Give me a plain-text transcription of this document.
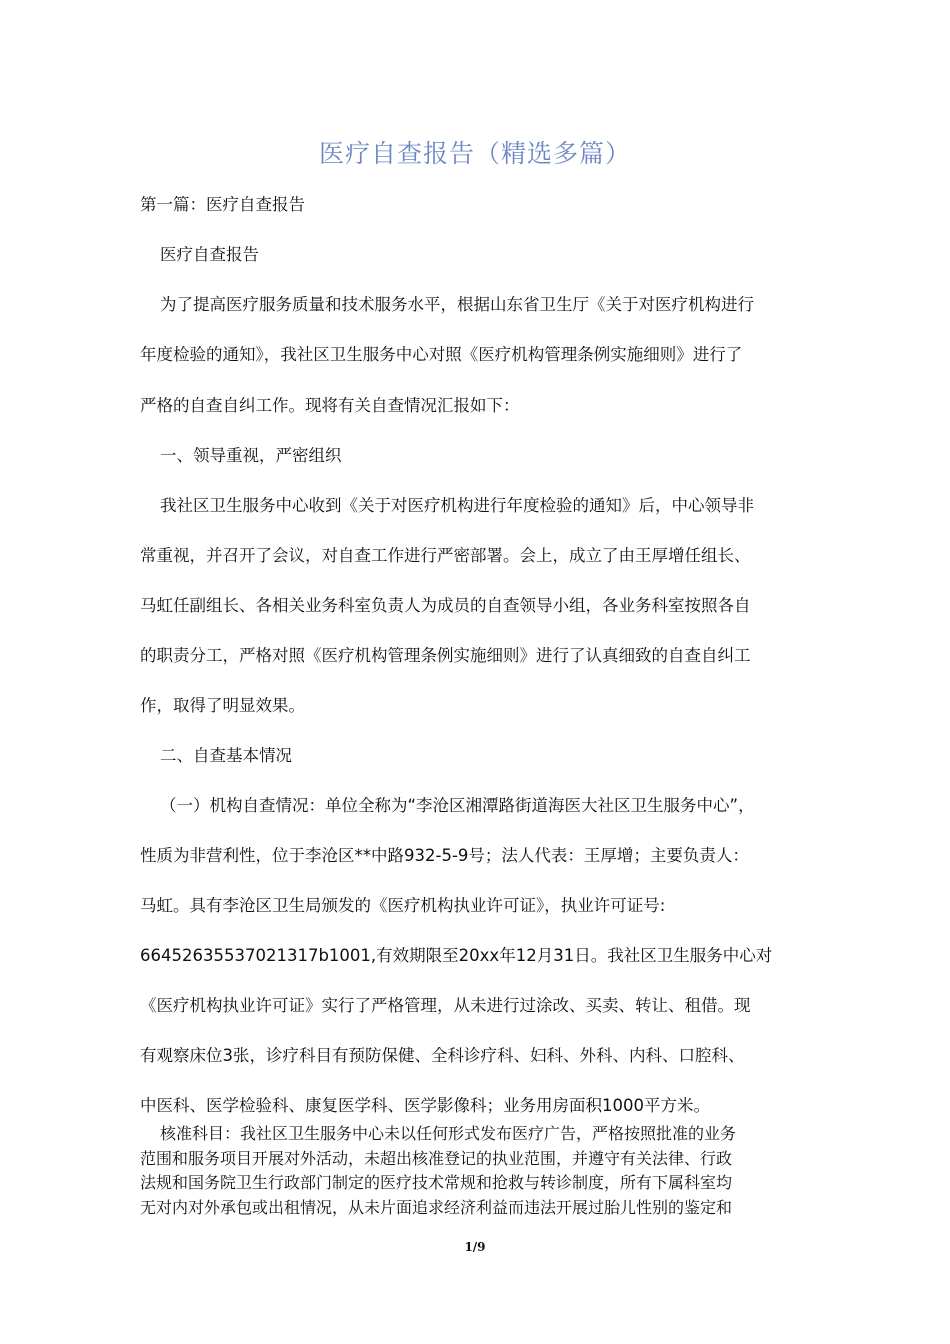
医疗自查报告（精选多篇）
第一篇：医疗自查报告
医疗自查报告
为了提高医疗服务质量和技术服务水平，根据山东省卫生厅《关于对医疗机构进行
年度检验的通知》，我社区卫生服务中心对照《医疗机构管理条例实施细则》进行了
严格的自查自纠工作。现将有关自查情况汇报如下：
一、领导重视，严密组织
我社区卫生服务中心收到《关于对医疗机构进行年度检验的通知》后，中心领导非
常重视，并召开了会议，对自查工作进行严密部署。会上，成立了由王厚增任组长、
马虹任副组长、各相关业务科室负责人为成员的自查领导小组，各业务科室按照各自
的职责分工，严格对照《医疗机构管理条例实施细则》进行了认真细致的自查自纠工
作，取得了明显效果。
二、自查基本情况
（一）机构自查情况：单位全称为“李沧区湘潭路街道海医大社区卫生服务中心”，
性质为非营利性，位于李沧区**中路932-5-9号；法人代表：王厚增；主要负责人：
马虹。具有李沧区卫生局颁发的《医疗机构执业许可证》，执业许可证号:
66452635537021317b1001,有效期限至20xx年12月31日。我社区卫生服务中心对
《医疗机构执业许可证》实行了严格管理，从未进行过涂改、买卖、转让、租借。现
有观察床位3张，诊疗科目有预防保健、全科诊疗科、妇科、外科、内科、口腔科、
中医科、医学检验科、康复医学科、医学影像科；业务用房面积1000平方米。

核准科目：我社区卫生服务中心未以任何形式发布医疗广告，严格按照批准的业务

范围和服务项目开展对外活动，未超出核准登记的执业范围，并遵守有关法律、行政

法规和国务院卫生行政部门制定的医疗技术常规和抢救与转诊制度，所有下属科室均

无对内对外承包或出租情况，从未片面追求经济利益而违法开展过胎儿性别的鉴定和

1/9
